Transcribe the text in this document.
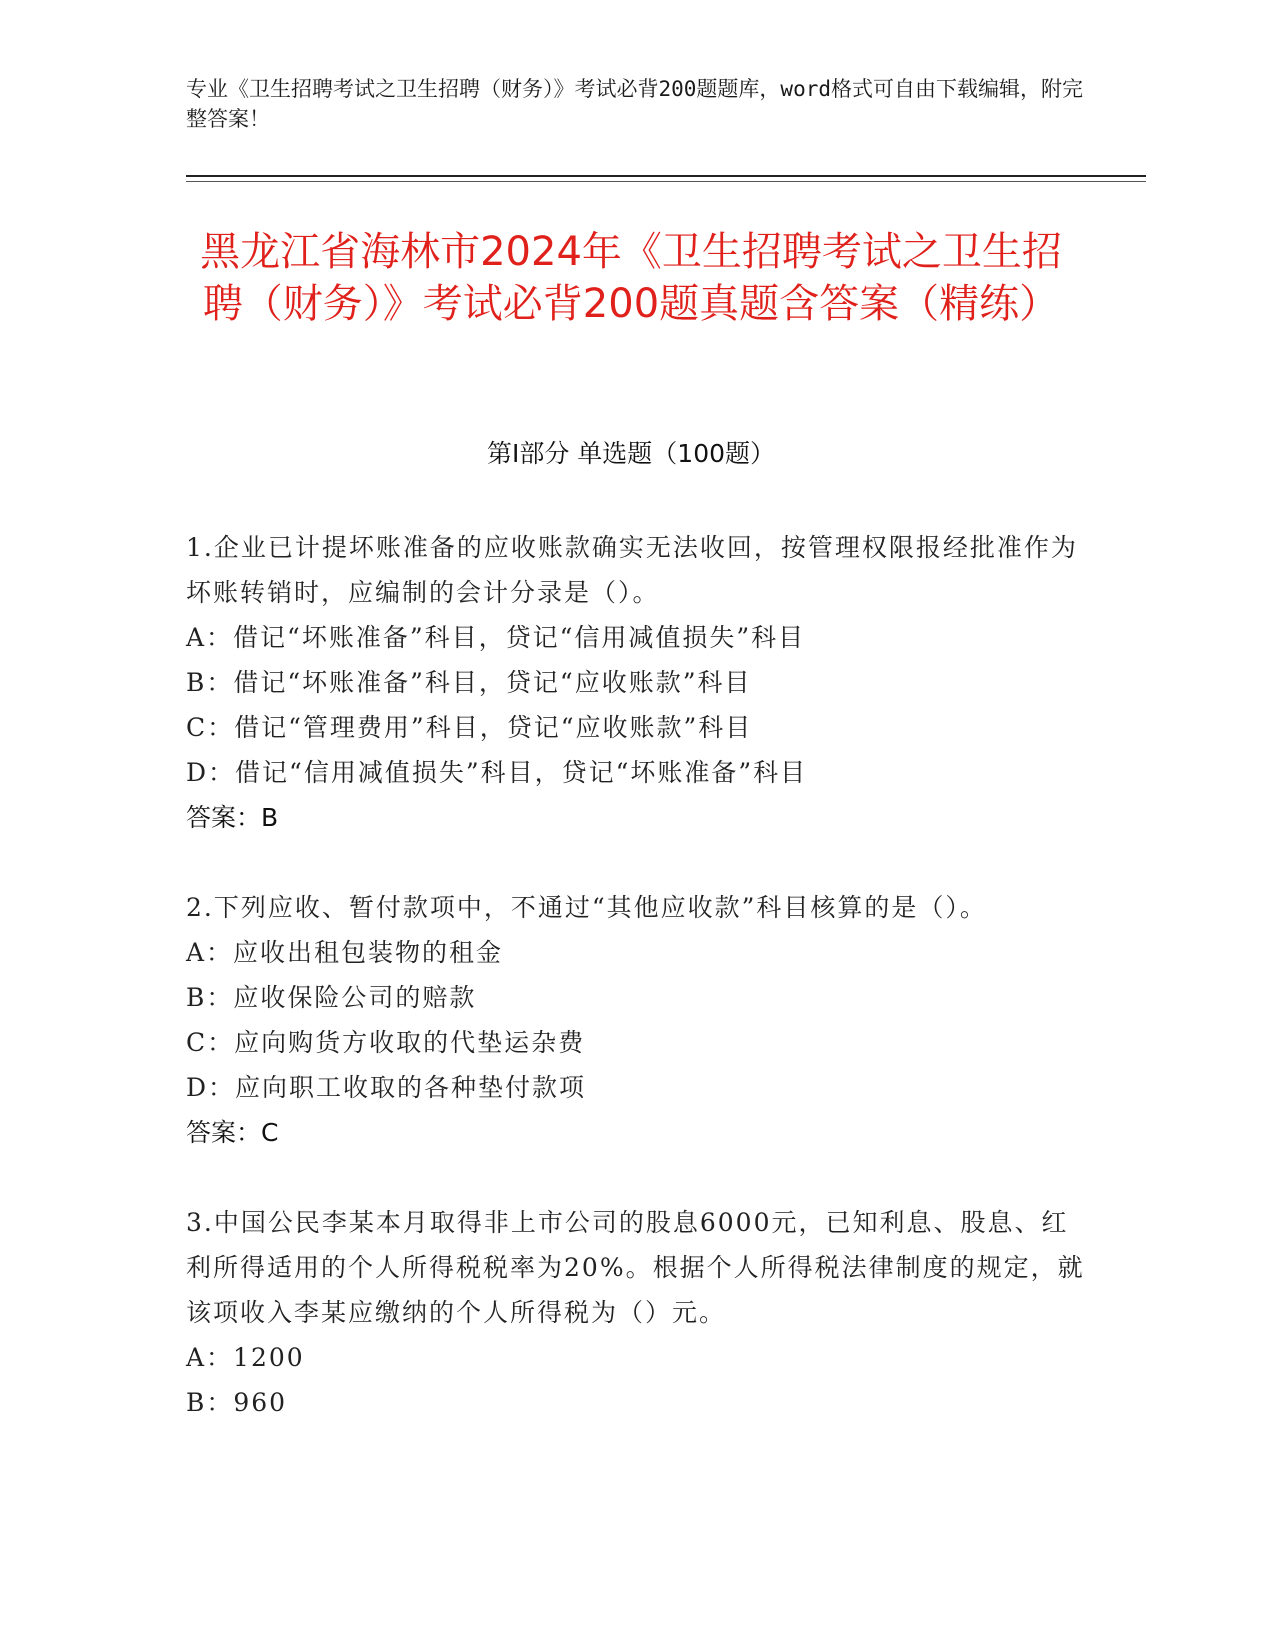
专业《卫生招聘考试之卫生招聘（财务）》考试必背200题题库，word格式可自由下载编辑，附完整答案！
黑龙江省海林市2024年《卫生招聘考试之卫生招聘（财务）》考试必背200题真题含答案（精练）
第Ⅰ部分 单选题（100题）
1.企业已计提坏账准备的应收账款确实无法收回，按管理权限报经批准作为坏账转销时，应编制的会计分录是（）。
A：借记“坏账准备”科目，贷记“信用减值损失”科目
B：借记“坏账准备”科目，贷记“应收账款”科目
C：借记“管理费用”科目，贷记“应收账款”科目
D：借记“信用减值损失”科目，贷记“坏账准备”科目
答案：B
2.下列应收、暂付款项中，不通过“其他应收款”科目核算的是（）。
A：应收出租包装物的租金
B：应收保险公司的赔款
C：应向购货方收取的代垫运杂费
D：应向职工收取的各种垫付款项
答案：C
3.中国公民李某本月取得非上市公司的股息6000元，已知利息、股息、红利所得适用的个人所得税税率为20%。根据个人所得税法律制度的规定，就该项收入李某应缴纳的个人所得税为（）元。
A：1200
B：960
